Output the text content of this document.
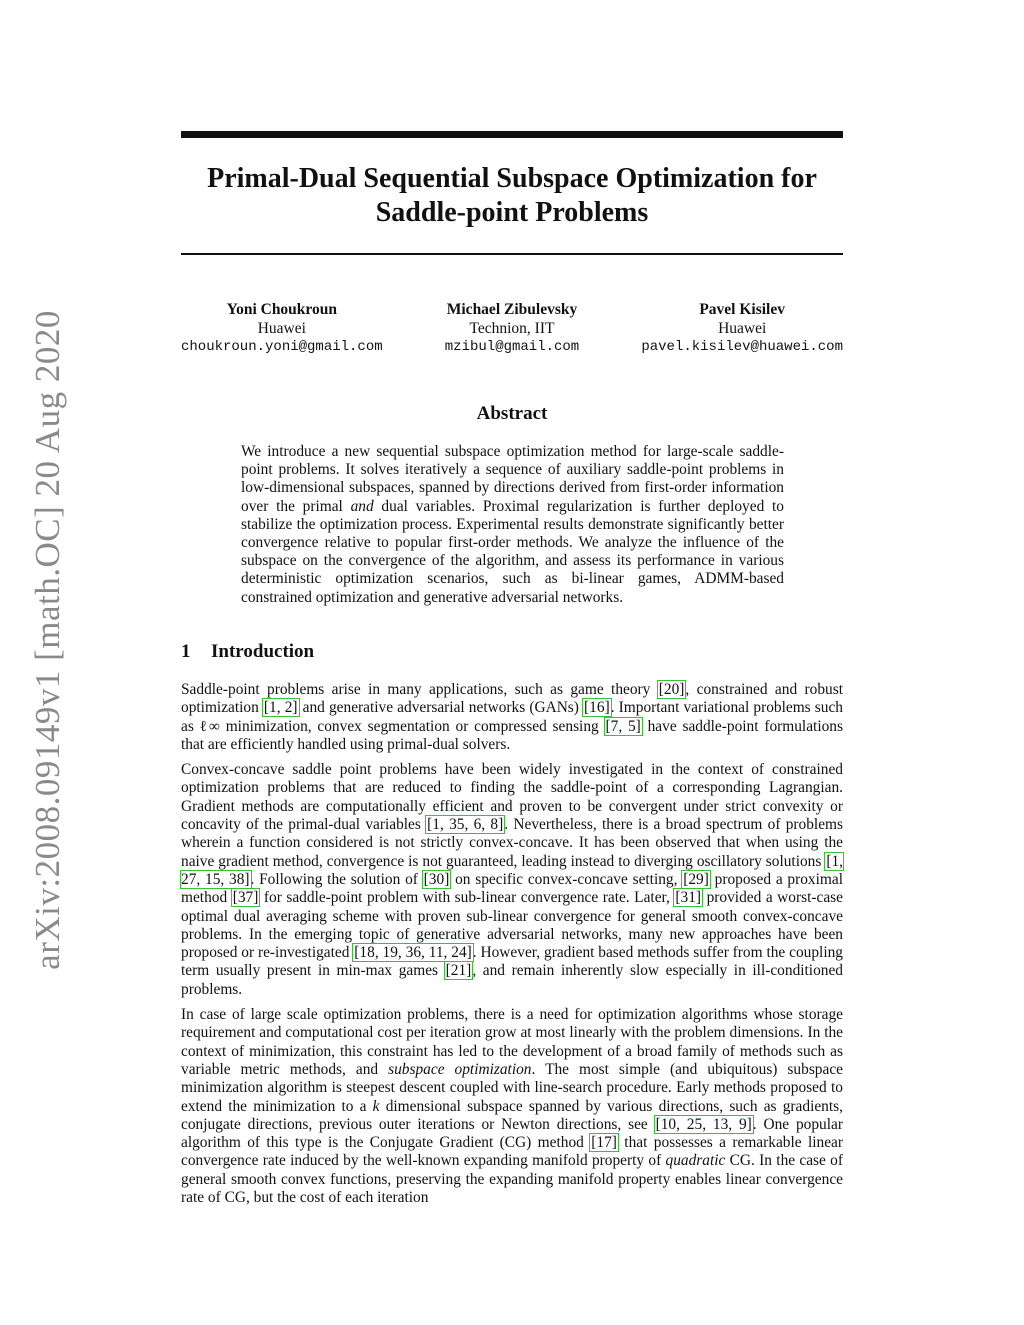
arXiv:2008.09149v1 [math.OC] 20 Aug 2020
Primal-Dual Sequential Subspace Optimization for
Saddle-point Problems
Yoni Choukroun
Huawei
choukroun.yoni@gmail.com
Michael Zibulevsky
Technion, IIT
mzibul@gmail.com
Pavel Kisilev
Huawei
pavel.kisilev@huawei.com
Abstract

We introduce a new sequential subspace optimization method for large-scale saddle-point problems. It solves iteratively a sequence of auxiliary saddle-point problems in low-dimensional subspaces, spanned by directions derived from first-order information over the primal and dual variables. Proximal regularization is further deployed to stabilize the optimization process. Experimental results demonstrate significantly better convergence relative to popular first-order methods. We analyze the influence of the subspace on the convergence of the algorithm, and assess its performance in various deterministic optimization scenarios, such as bi-linear games, ADMM-based constrained optimization and generative adversarial networks.

1 Introduction

Saddle-point problems arise in many applications, such as game theory [20], constrained and robust optimization [1, 2] and generative adversarial networks (GANs) [16]. Important variational problems such as ℓ∞ minimization, convex segmentation or compressed sensing [7, 5] have saddle-point formulations that are efficiently handled using primal-dual solvers.

Convex-concave saddle point problems have been widely investigated in the context of constrained optimization problems that are reduced to finding the saddle-point of a corresponding Lagrangian. Gradient methods are computationally efficient and proven to be convergent under strict convexity or concavity of the primal-dual variables [1, 35, 6, 8]. Nevertheless, there is a broad spectrum of problems wherein a function considered is not strictly convex-concave. It has been observed that when using the naive gradient method, convergence is not guaranteed, leading instead to diverging oscillatory solutions [1, 27, 15, 38]. Following the solution of [30] on specific convex-concave setting, [29] proposed a proximal method [37] for saddle-point problem with sub-linear convergence rate. Later, [31] provided a worst-case optimal dual averaging scheme with proven sub-linear convergence for general smooth convex-concave problems. In the emerging topic of generative adversarial networks, many new approaches have been proposed or re-investigated [18, 19, 36, 11, 24]. However, gradient based methods suffer from the coupling term usually present in min-max games [21], and remain inherently slow especially in ill-conditioned problems.

In case of large scale optimization problems, there is a need for optimization algorithms whose storage requirement and computational cost per iteration grow at most linearly with the problem dimensions. In the context of minimization, this constraint has led to the development of a broad family of methods such as variable metric methods, and subspace optimization. The most simple (and ubiquitous) subspace minimization algorithm is steepest descent coupled with line-search procedure. Early methods proposed to extend the minimization to a k dimensional subspace spanned by various directions, such as gradients, conjugate directions, previous outer iterations or Newton directions, see [10, 25, 13, 9]. One popular algorithm of this type is the Conjugate Gradient (CG) method [17] that possesses a remarkable linear convergence rate induced by the well-known expanding manifold property of quadratic CG. In the case of general smooth convex functions, preserving the expanding manifold property enables linear convergence rate of CG, but the cost of each iteration
